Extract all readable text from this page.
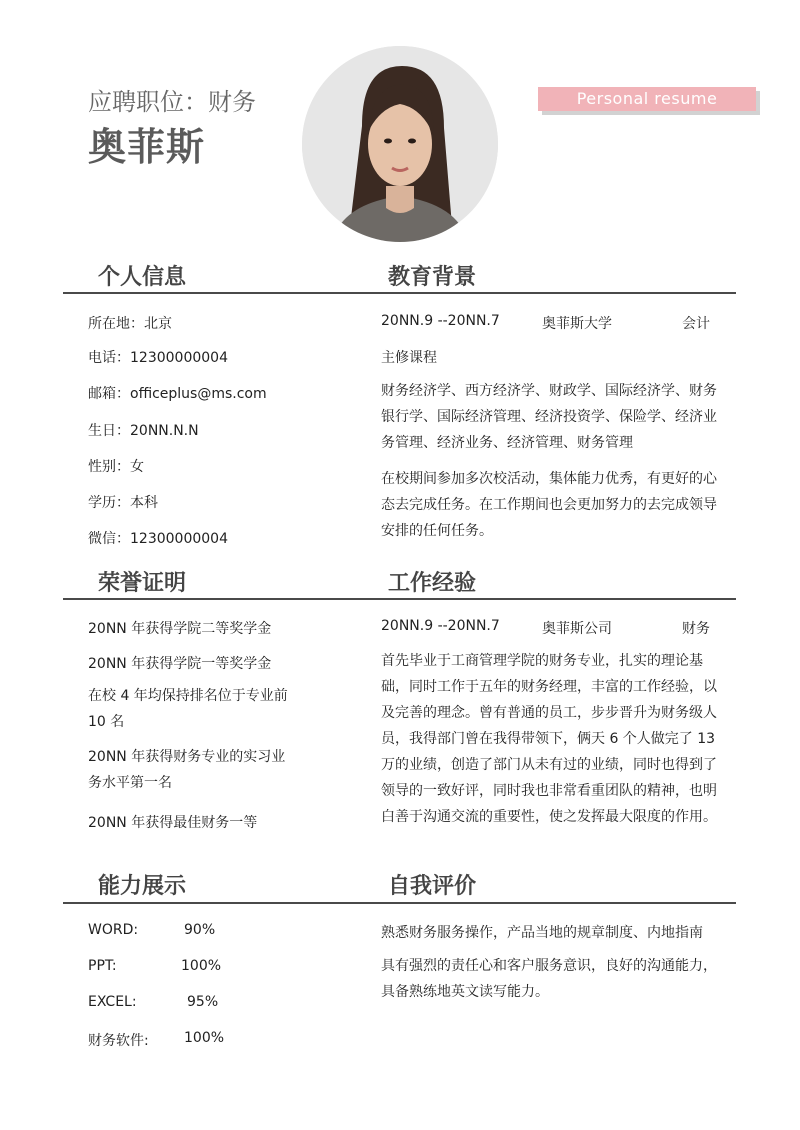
应聘职位：财务
奥菲斯
Personal resume
个人信息	教育背景
所在地：北京
电话：12300000004
邮箱：officeplus@ms.com
生日：20NN.N.N
性别：女
学历：本科
微信：12300000004
20NN.9 --20NN.7	奥菲斯大学	会计
主修课程
财务经济学、西方经济学、财政学、国际经济学、财务银行学、国际经济管理、经济投资学、保险学、经济业务管理、经济业务、经济管理、财务管理
在校期间参加多次校活动，集体能力优秀，有更好的心态去完成任务。在工作期间也会更加努力的去完成领导安排的任何任务。
荣誉证明	工作经验
20NN 年获得学院二等奖学金
20NN 年获得学院一等奖学金
在校 4 年均保持排名位于专业前 10 名
20NN 年获得财务专业的实习业务水平第一名
20NN 年获得最佳财务一等
20NN.9 --20NN.7	奥菲斯公司	财务
首先毕业于工商管理学院的财务专业，扎实的理论基础，同时工作于五年的财务经理，丰富的工作经验，以及完善的理念。曾有普通的员工，步步晋升为财务级人员，我得部门曾在我得带领下，俩天 6 个人做完了 13 万的业绩，创造了部门从未有过的业绩，同时也得到了领导的一致好评，同时我也非常看重团队的精神，也明白善于沟通交流的重要性，使之发挥最大限度的作用。
能力展示	自我评价
WORD:	90%
PPT:	100%
EXCEL:	95%
财务软件:	100%
熟悉财务服务操作，产品当地的规章制度、内地指南
具有强烈的责任心和客户服务意识，良好的沟通能力，具备熟练地英文读写能力。
